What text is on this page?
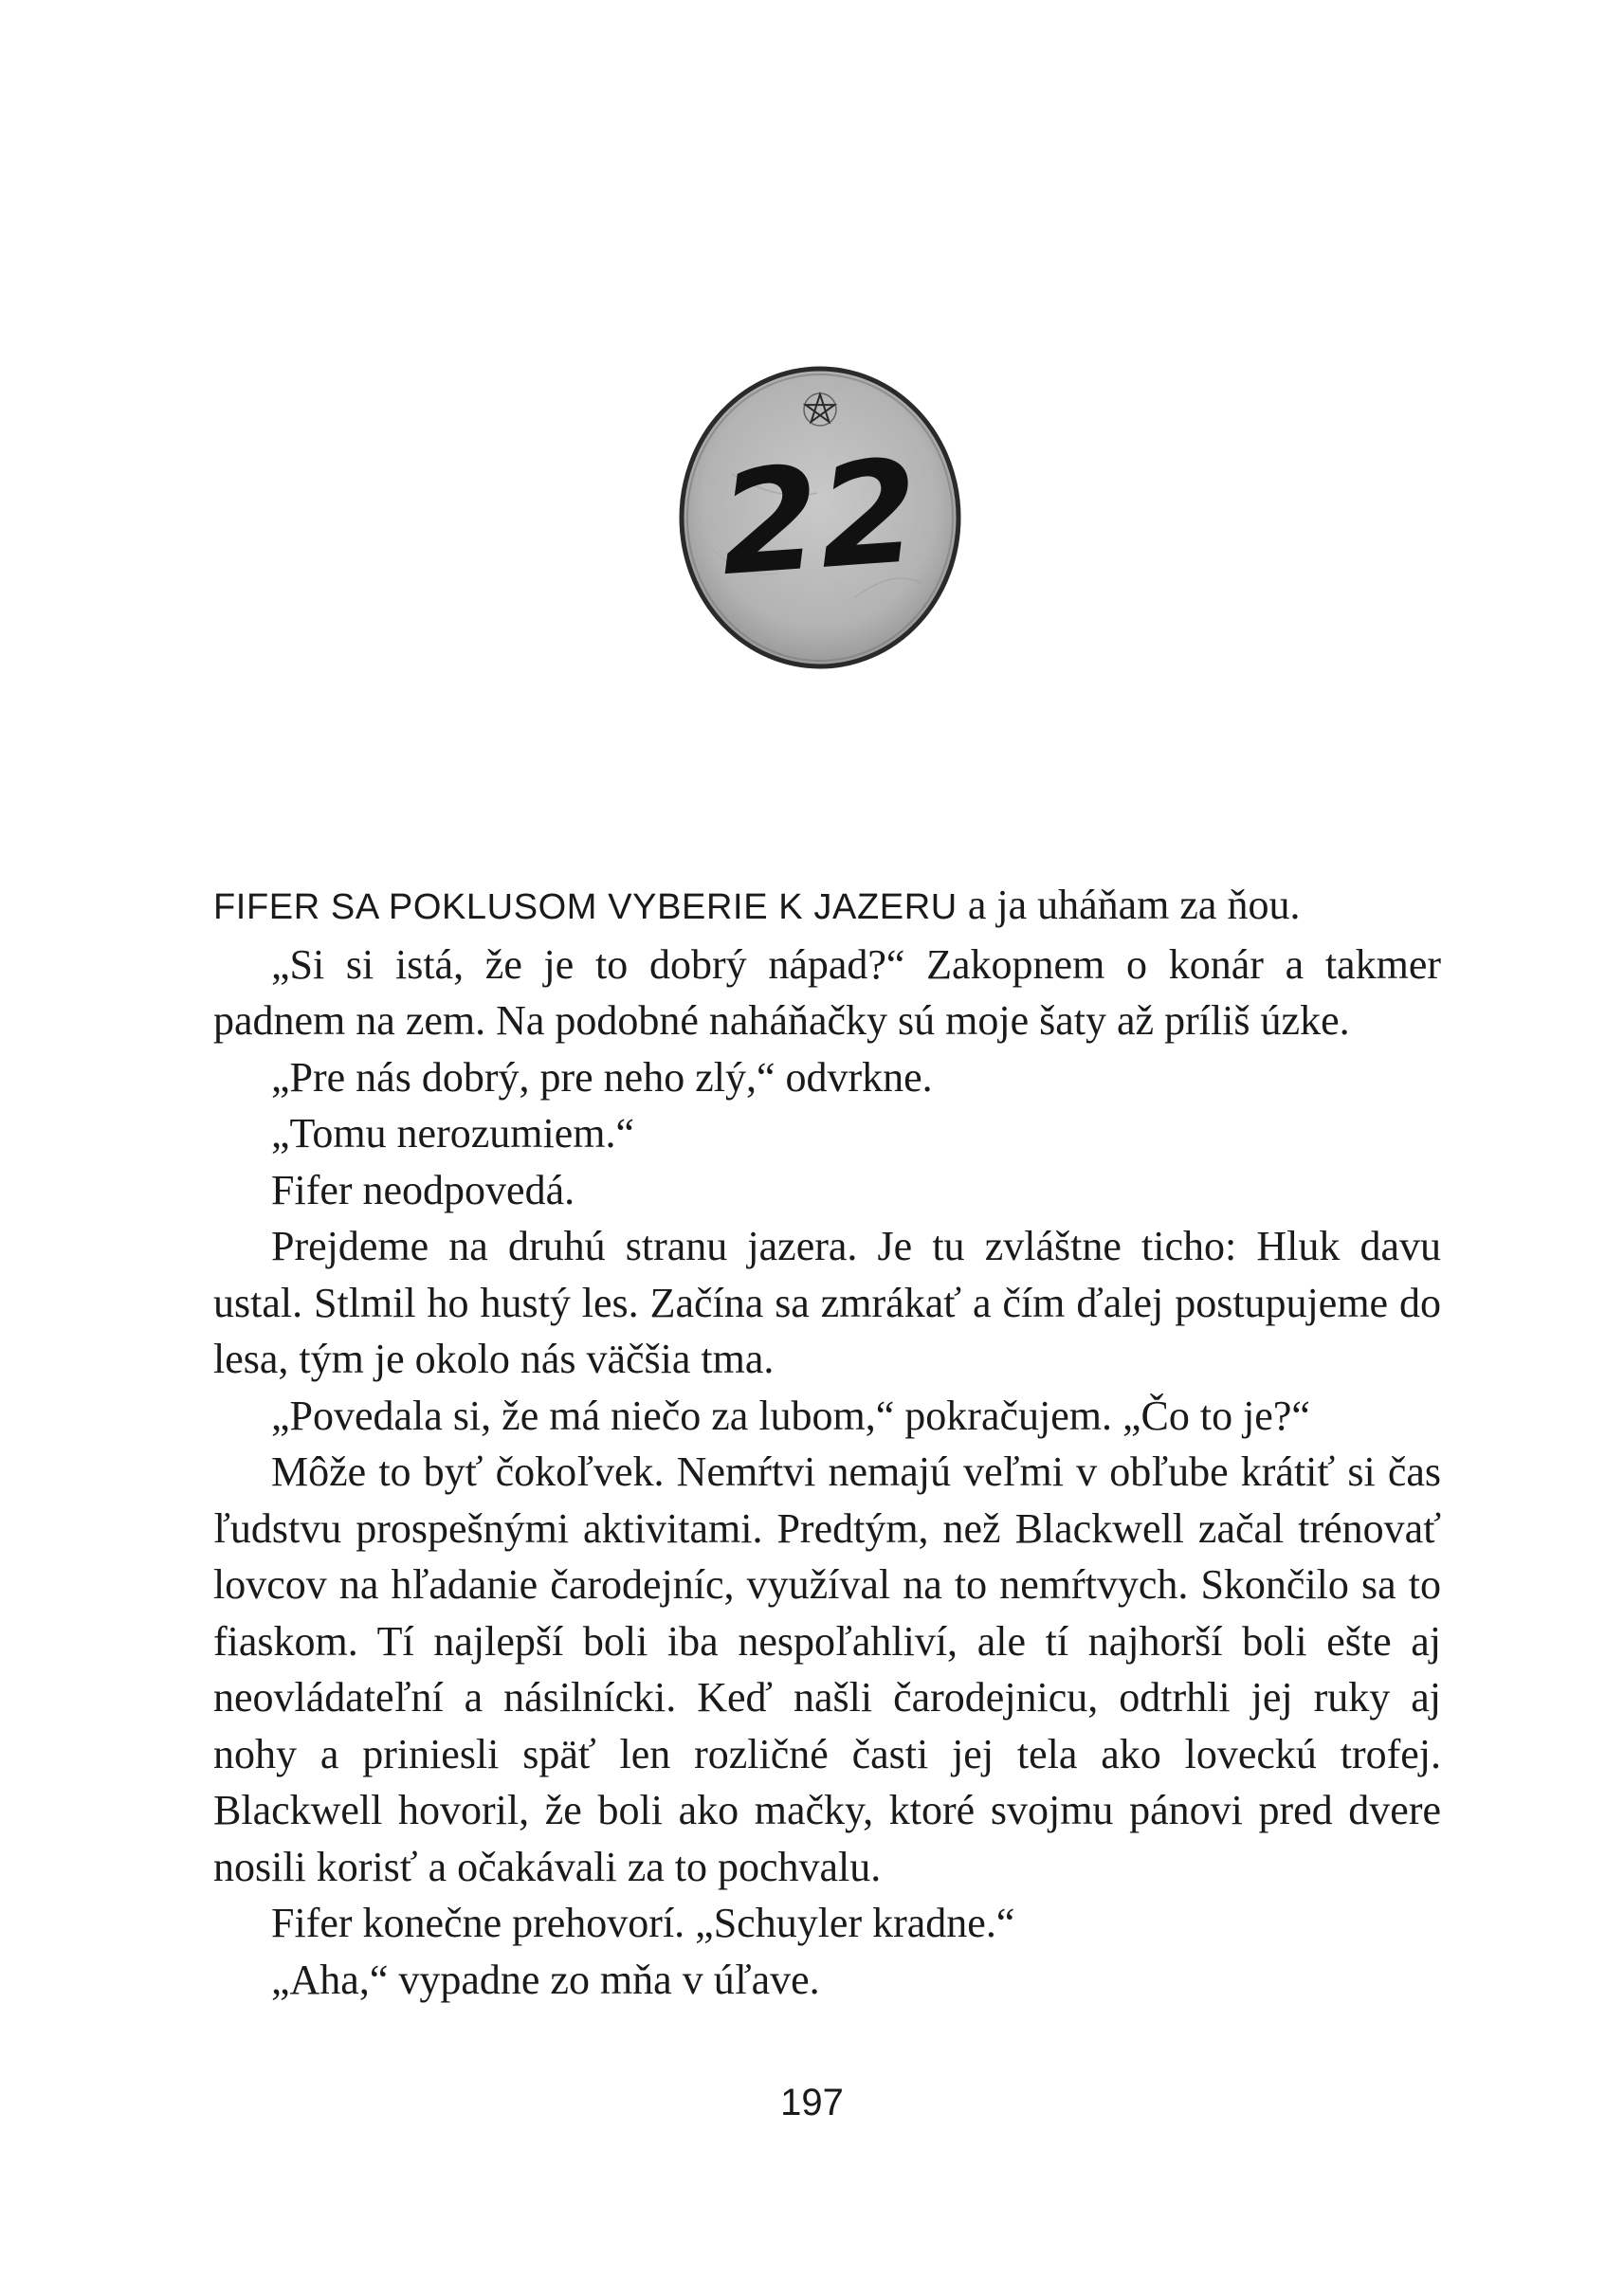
22

FIFER SA POKLUSOM VYBERIE K JAZERU a ja uháňam za ňou.

„Si si istá, že je to dobrý nápad?“ Zakopnem o konár a takmer padnem na zem. Na podobné naháňačky sú moje šaty až príliš úzke.

„Pre nás dobrý, pre neho zlý,“ odvrkne.

„Tomu nerozumiem.“

Fifer neodpovedá.

Prejdeme na druhú stranu jazera. Je tu zvláštne ticho: Hluk davu ustal. Stlmil ho hustý les. Začína sa zmrákať a čím ďalej postupujeme do lesa, tým je okolo nás väčšia tma.

„Povedala si, že má niečo za lubom,“ pokračujem. „Čo to je?“

Môže to byť čokoľvek. Nemŕtvi nemajú veľmi v obľube krátiť si čas ľudstvu prospešnými aktivitami. Predtým, než Blackwell začal trénovať lovcov na hľadanie čarodejníc, využíval na to nemŕtvych. Skončilo sa to fiaskom. Tí najlepší boli iba nespoľahliví, ale tí najhorší boli ešte aj neovládateľní a násilnícki. Keď našli čarodejnicu, odtrhli jej ruky aj nohy a priniesli späť len rozličné časti jej tela ako loveckú trofej. Blackwell hovoril, že boli ako mačky, ktoré svojmu pánovi pred dvere nosili korisť a očakávali za to pochvalu.

Fifer konečne prehovorí. „Schuyler kradne.“

„Aha,“ vypadne zo mňa v úľave.

197
